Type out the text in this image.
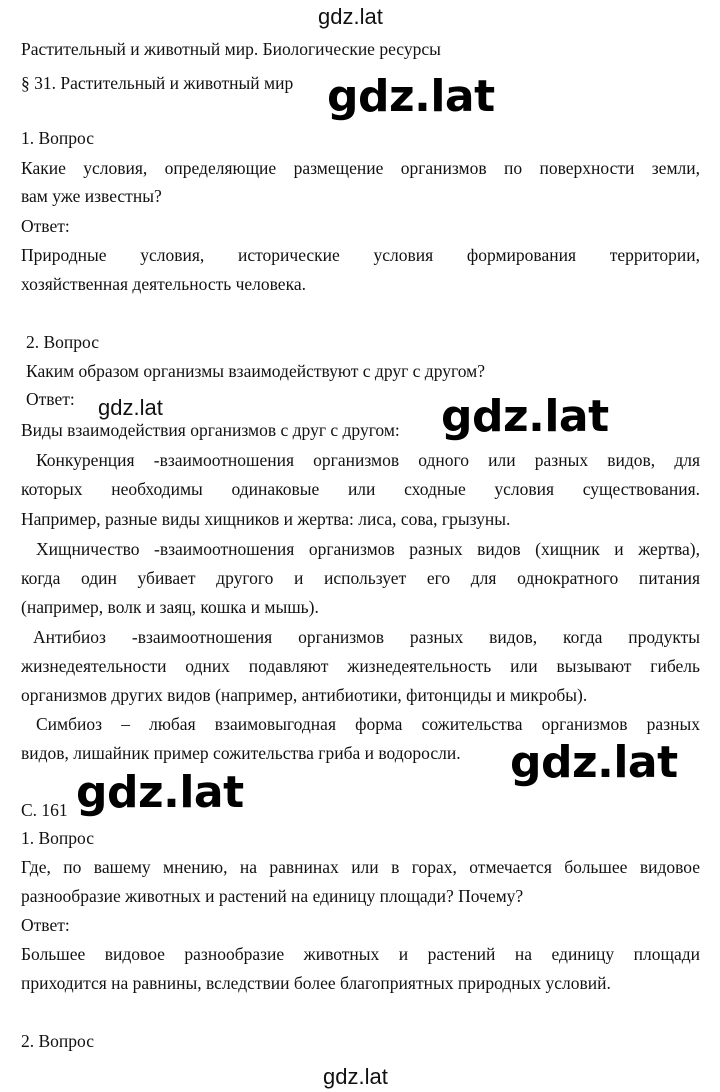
gdz.lat
Растительный и животный мир. Биологические ресурсы
§ 31. Растительный и животный мир gdz.lat
1. Вопрос
Какие условия, определяющие размещение организмов по поверхности земли,
вам уже известны?
Ответ:
Природные условия, исторические условия формирования территории,
хозяйственная деятельность человека.
2. Вопрос
Каким образом организмы взаимодействуют с друг с другом?
Ответ:	gdz.lat
Виды взаимодействия организмов с друг с другом: gdz.lat
Конкуренция -взаимоотношения организмов одного или разных видов, для
которых необходимы одинаковые или сходные условия существования.
Например, разные виды хищников и жертва: лиса, сова, грызуны.
Хищничество -взаимоотношения организмов разных видов (хищник и жертва),
когда один убивает другого и использует его для однократного питания
(например, волк и заяц, кошка и мышь).
Антибиоз -взаимоотношения организмов разных видов, когда продукты
жизнедеятельности одних подавляют жизнедеятельность или вызывают гибель
организмов других видов (например, антибиотики, фитонциды и микробы).
Симбиоз – любая взаимовыгодная форма сожительства организмов разных
видов, лишайник пример сожительства гриба и водоросли.	gdz.lat
С. 161 gdz.lat
1. Вопрос
Где, по вашему мнению, на равнинах или в горах, отмечается большее видовое
разнообразие животных и растений на единицу площади? Почему?
Ответ:
Большее видовое разнообразие животных и растений на единицу площади
приходится на равнины, вследствии более благоприятных природных условий.
2. Вопрос
gdz.lat
